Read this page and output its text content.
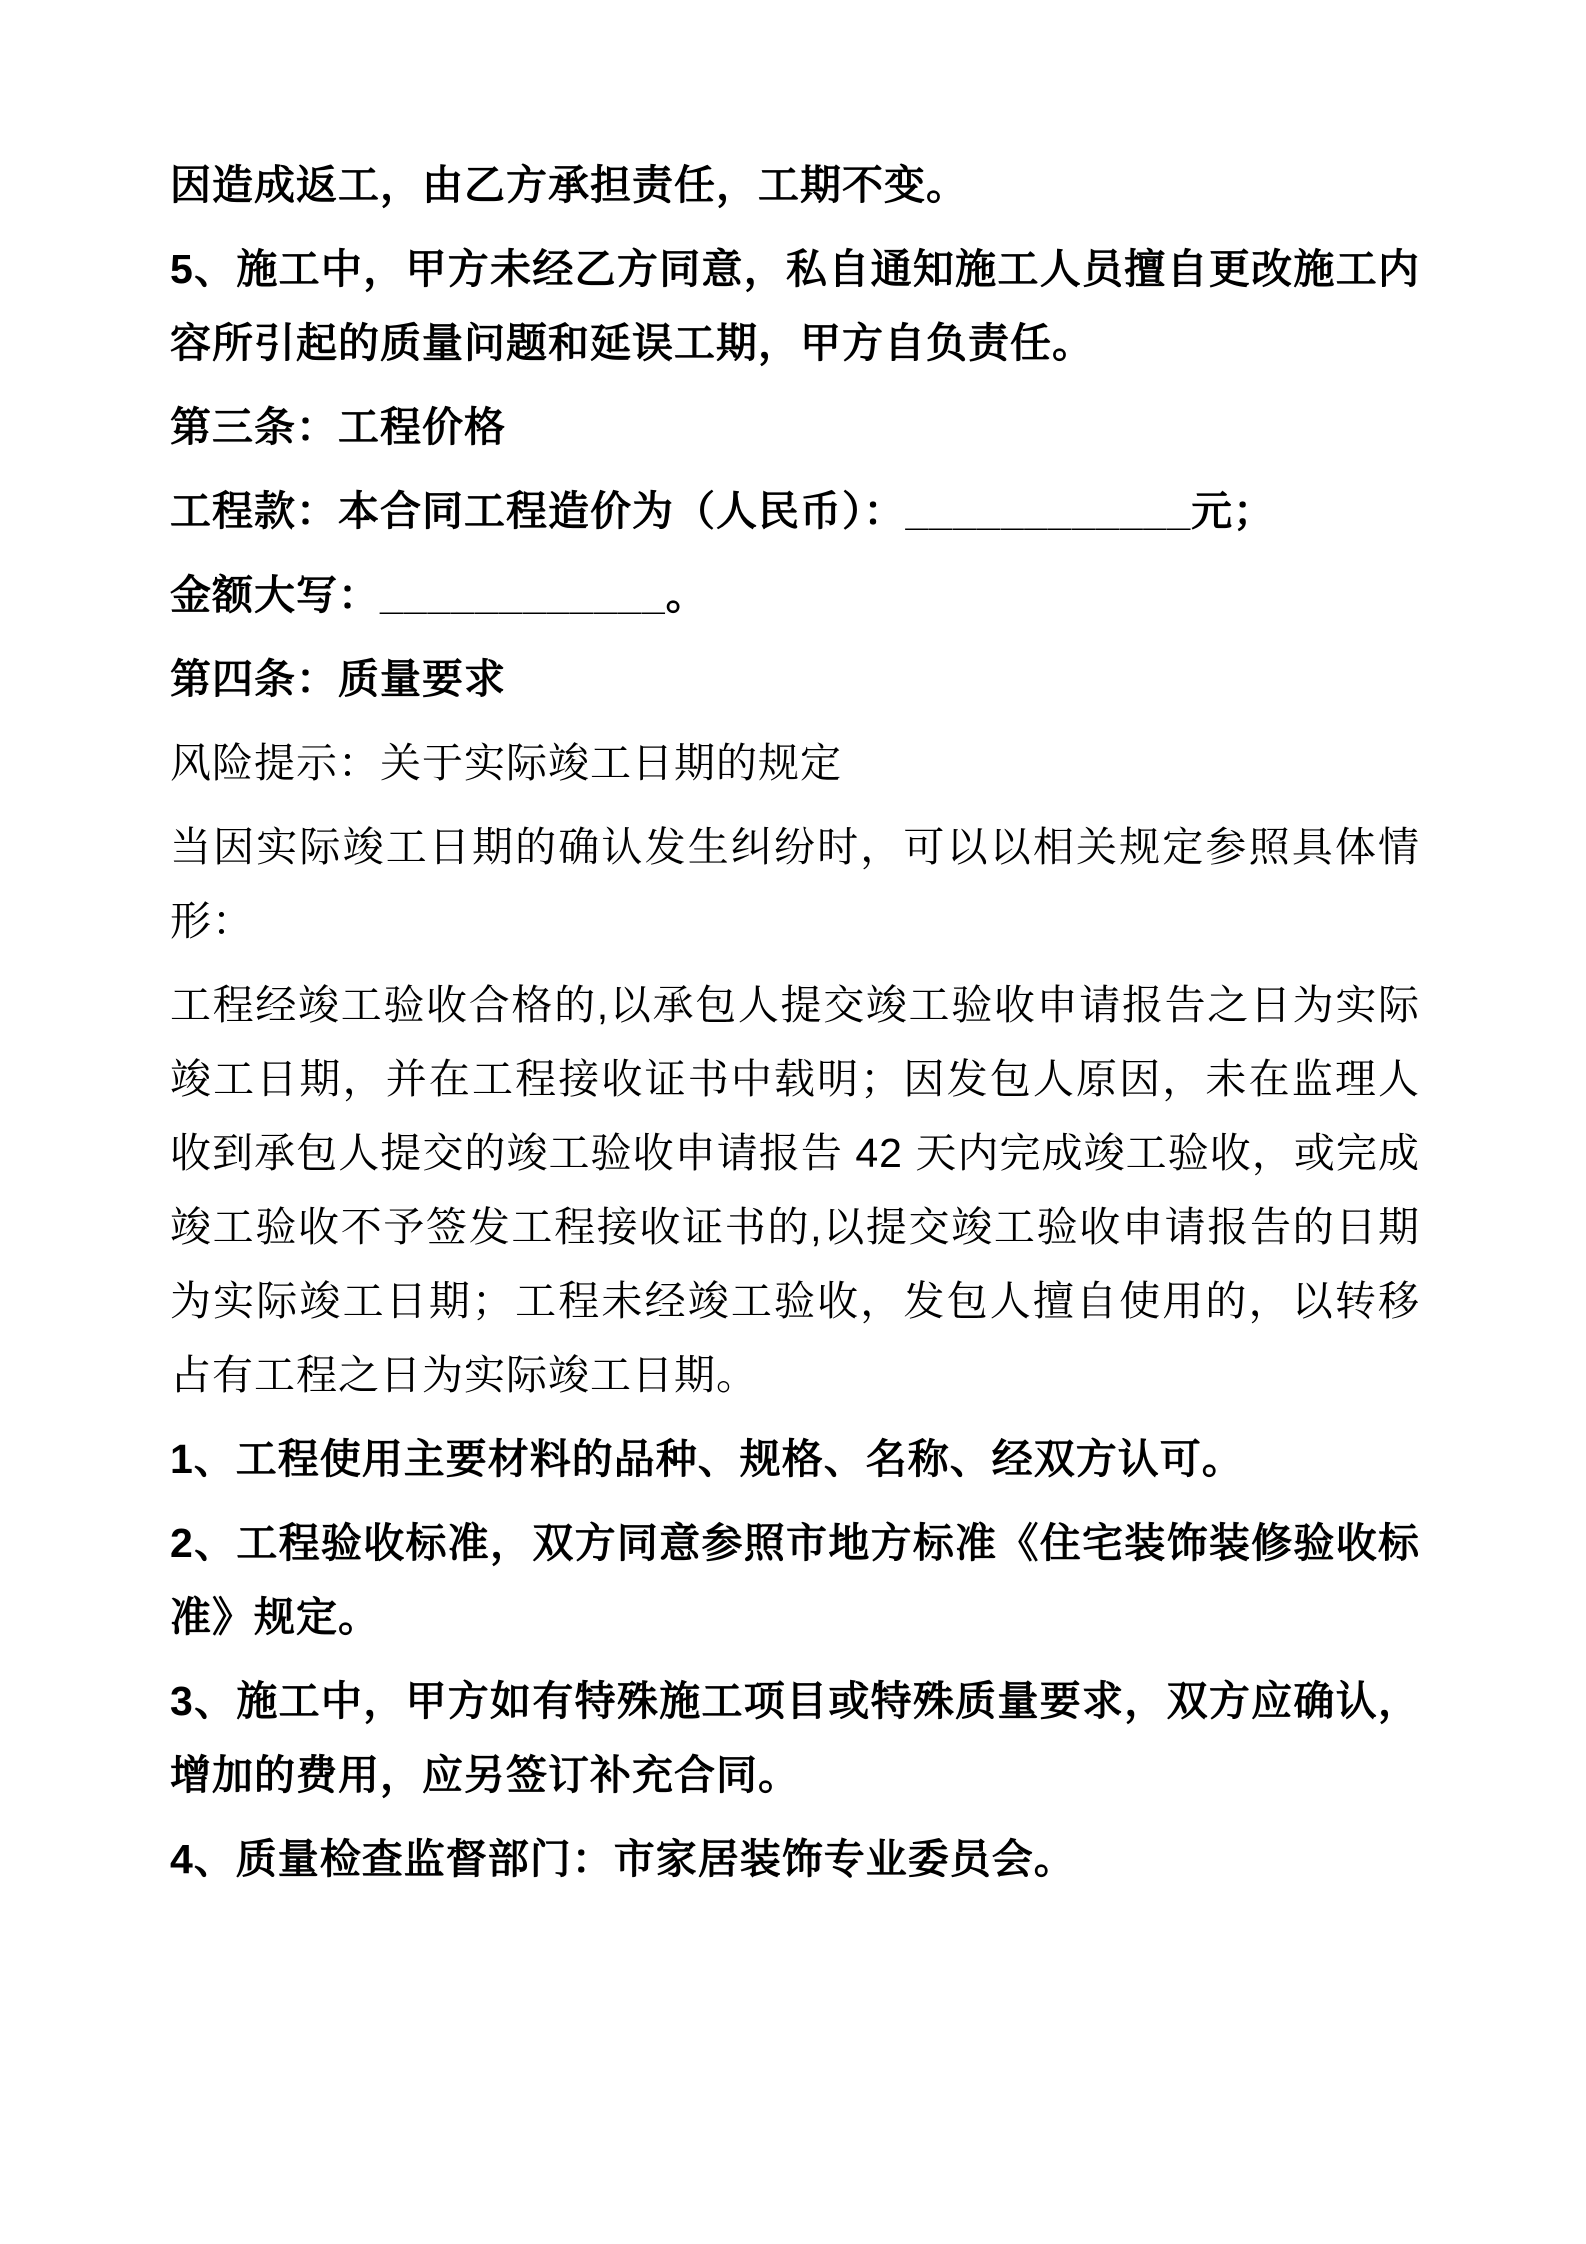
因造成返工，由乙方承担责任，工期不变。

5、施工中，甲方未经乙方同意，私自通知施工人员擅自更改施工内容所引起的质量问题和延误工期，甲方自负责任。

第三条：工程价格

工程款：本合同工程造价为（人民币）：____________元；

金额大写：____________。

第四条：质量要求

风险提示：关于实际竣工日期的规定

当因实际竣工日期的确认发生纠纷时，可以以相关规定参照具体情形：

工程经竣工验收合格的,以承包人提交竣工验收申请报告之日为实际竣工日期，并在工程接收证书中载明；因发包人原因，未在监理人收到承包人提交的竣工验收申请报告 42 天内完成竣工验收，或完成竣工验收不予签发工程接收证书的,以提交竣工验收申请报告的日期为实际竣工日期；工程未经竣工验收，发包人擅自使用的，以转移占有工程之日为实际竣工日期。

1、工程使用主要材料的品种、规格、名称、经双方认可。

2、工程验收标准，双方同意参照市地方标准《住宅装饰装修验收标准》规定。

3、施工中，甲方如有特殊施工项目或特殊质量要求，双方应确认，增加的费用，应另签订补充合同。

4、质量检查监督部门：市家居装饰专业委员会。
